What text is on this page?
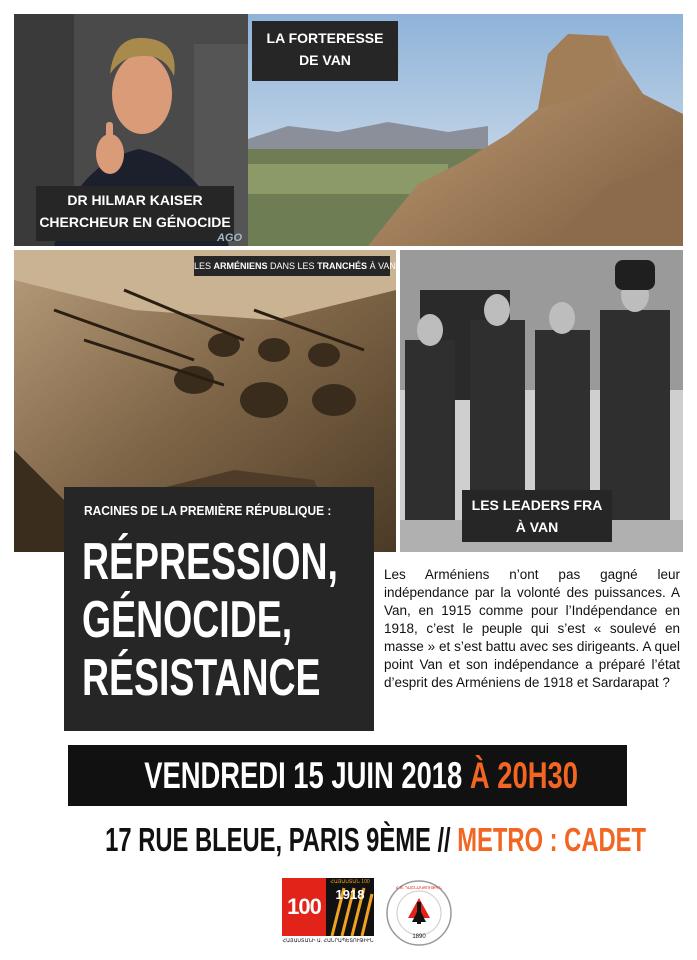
DR HILMAR KAISER
CHERCHEUR EN GÉNOCIDE
AGO
LA FORTERESSE
DE VAN
LES ARMÉNIENS DANS LES TRANCHÉS À VAN
LES LEADERS FRA
À VAN
RACINES DE LA PREMIÈRE RÉPUBLIQUE :
RÉPRESSION,
GÉNOCIDE,
RÉSISTANCE
Les Arméniens n’ont pas gagné leur indépendance par la volonté des puissances. A Van, en 1915 comme pour l’Indépendance en 1918, c’est le peuple qui s’est « soulevé en masse » et s’est battu avec ses dirigeants. A quel point Van et son indépendance a préparé l’état d’esprit des Arméniens de 1918 et Sardarapat ?
VENDREDI 15 JUIN 2018 À 20H30
17 RUE BLEUE, PARIS 9ÈME // METRO : CADET
100
ՀԱՅԱՍՏԱՆ 100
1918
ՀԱՅԱՍՏԱՆԻ Ա. ՀԱՆՐԱՊԵՏՈՒԹԻՒՆ
Հ.Յ. ԴԱՇՆԱԿՑՈՒԹԻՒՆ
1890
